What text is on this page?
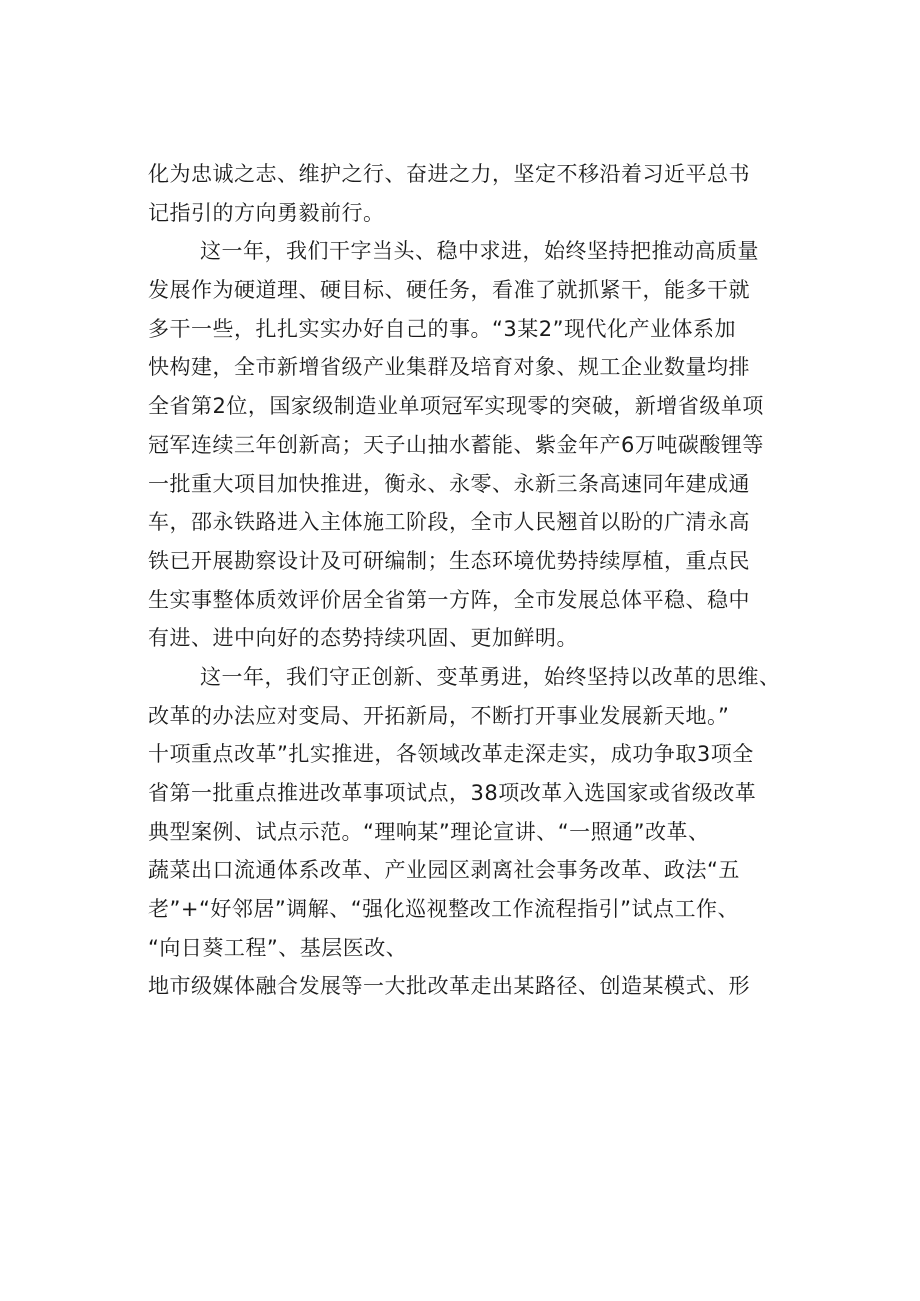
化为忠诚之志、维护之行、奋进之力，坚定不移沿着习近平总书
记指引的方向勇毅前行。
这一年，我们干字当头、稳中求进，始终坚持把推动高质量
发展作为硬道理、硬目标、硬任务，看准了就抓紧干，能多干就
多干一些，扎扎实实办好自己的事。“3某2”现代化产业体系加
快构建，全市新增省级产业集群及培育对象、规工企业数量均排
全省第2位，国家级制造业单项冠军实现零的突破，新增省级单项
冠军连续三年创新高；天子山抽水蓄能、紫金年产6万吨碳酸锂等
一批重大项目加快推进，衡永、永零、永新三条高速同年建成通
车，邵永铁路进入主体施工阶段，全市人民翘首以盼的广清永高
铁已开展勘察设计及可研编制；生态环境优势持续厚植，重点民
生实事整体质效评价居全省第一方阵，全市发展总体平稳、稳中
有进、进中向好的态势持续巩固、更加鲜明。
这一年，我们守正创新、变革勇进，始终坚持以改革的思维、
改革的办法应对变局、开拓新局，不断打开事业发展新天地。”
十项重点改革”扎实推进，各领域改革走深走实，成功争取3项全
省第一批重点推进改革事项试点，38项改革入选国家或省级改革
典型案例、试点示范。“理响某”理论宣讲、“一照通”改革、
蔬菜出口流通体系改革、产业园区剥离社会事务改革、政法“五
老”+“好邻居”调解、“强化巡视整改工作流程指引”试点工作、
“向日葵工程”、基层医改、
地市级媒体融合发展等一大批改革走出某路径、创造某模式、形
